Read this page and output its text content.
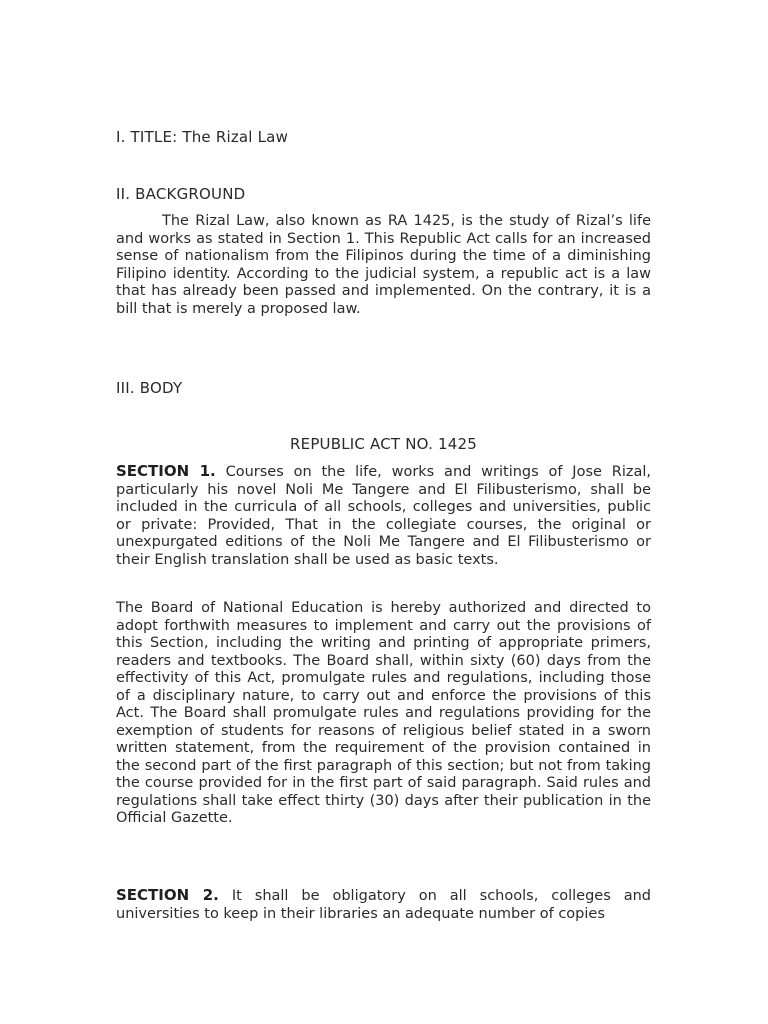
I. TITLE: The Rizal Law
II. BACKGROUND
The Rizal Law, also known as RA 1425, is the study of Rizal’s life and works as stated in Section 1. This Republic Act calls for an increased sense of nationalism from the Filipinos during the time of a diminishing Filipino identity. According to the judicial system, a republic act is a law that has already been passed and implemented. On the contrary, it is a bill that is merely a proposed law.
III. BODY
REPUBLIC ACT NO. 1425
SECTION 1. Courses on the life, works and writings of Jose Rizal, particularly his novel Noli Me Tangere and El Filibusterismo, shall be included in the curricula of all schools, colleges and universities, public or private: Provided, That in the collegiate courses, the original or unexpurgated editions of the Noli Me Tangere and El Filibusterismo or their English translation shall be used as basic texts.
The Board of National Education is hereby authorized and directed to adopt forthwith measures to implement and carry out the provisions of this Section, including the writing and printing of appropriate primers, readers and textbooks. The Board shall, within sixty (60) days from the effectivity of this Act, promulgate rules and regulations, including those of a disciplinary nature, to carry out and enforce the provisions of this Act. The Board shall promulgate rules and regulations providing for the exemption of students for reasons of religious belief stated in a sworn written statement, from the requirement of the provision contained in the second part of the first paragraph of this section; but not from taking the course provided for in the first part of said paragraph. Said rules and regulations shall take effect thirty (30) days after their publication in the Official Gazette.
SECTION 2. It shall be obligatory on all schools, colleges and universities to keep in their libraries an adequate number of copies
